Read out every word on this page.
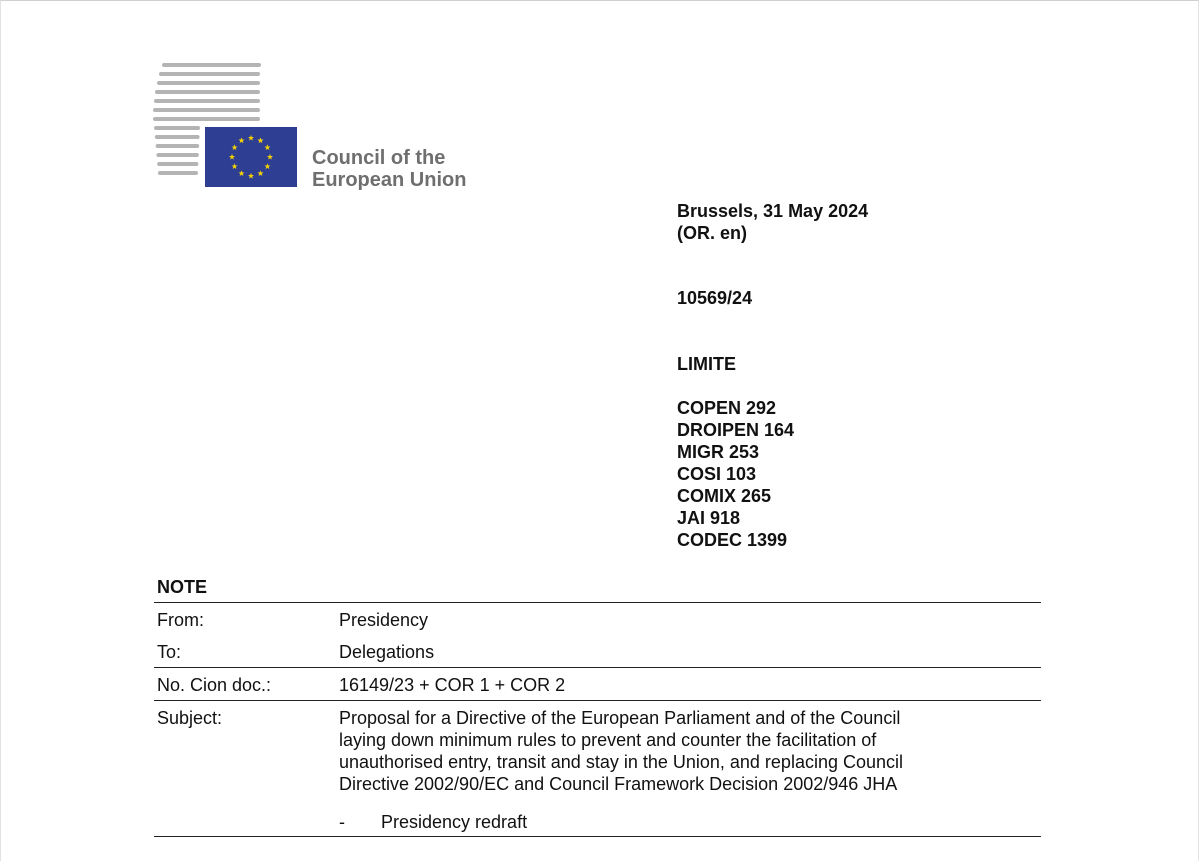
Council of the
European Union
Brussels, 31 May 2024
(OR. en)
10569/24
LIMITE
COPEN 292
DROIPEN 164
MIGR 253
COSI 103
COMIX 265
JAI 918
CODEC 1399
NOTE
From:	Presidency
To:	Delegations
No. Cion doc.:	16149/23 + COR 1 + COR 2
Subject:	Proposal for a Directive of the European Parliament and of the Council
laying down minimum rules to prevent and counter the facilitation of
unauthorised entry, transit and stay in the Union, and replacing Council
Directive 2002/90/EC and Council Framework Decision 2002/946 JHA
- Presidency redraft
